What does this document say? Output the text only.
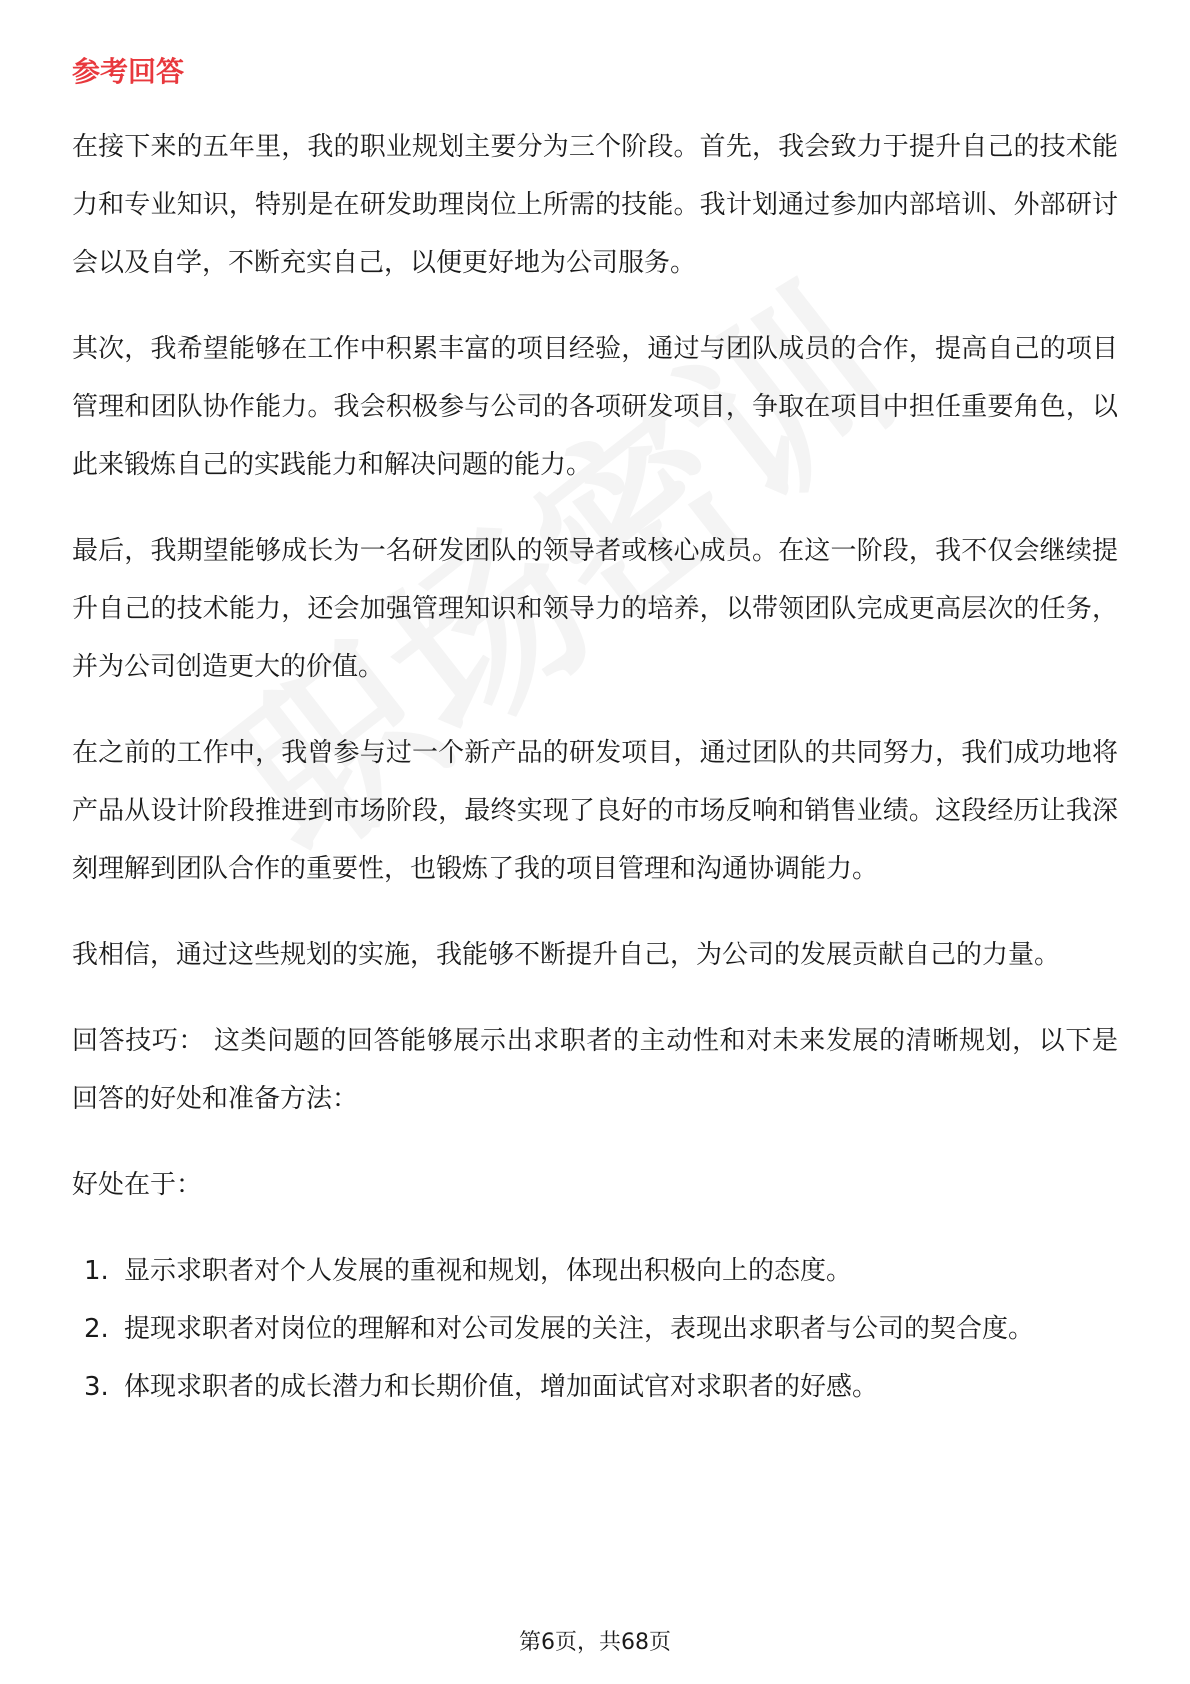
参考回答

在接下来的五年里，我的职业规划主要分为三个阶段。首先，我会致力于提升自己的技术能力和专业知识，特别是在研发助理岗位上所需的技能。我计划通过参加内部培训、外部研讨会以及自学，不断充实自己，以便更好地为公司服务。

其次，我希望能够在工作中积累丰富的项目经验，通过与团队成员的合作，提高自己的项目管理和团队协作能力。我会积极参与公司的各项研发项目，争取在项目中担任重要角色，以此来锻炼自己的实践能力和解决问题的能力。

最后，我期望能够成长为一名研发团队的领导者或核心成员。在这一阶段，我不仅会继续提升自己的技术能力，还会加强管理知识和领导力的培养，以带领团队完成更高层次的任务，并为公司创造更大的价值。

在之前的工作中，我曾参与过一个新产品的研发项目，通过团队的共同努力，我们成功地将产品从设计阶段推进到市场阶段，最终实现了良好的市场反响和销售业绩。这段经历让我深刻理解到团队合作的重要性，也锻炼了我的项目管理和沟通协调能力。

我相信，通过这些规划的实施，我能够不断提升自己，为公司的发展贡献自己的力量。

回答技巧： 这类问题的回答能够展示出求职者的主动性和对未来发展的清晰规划，以下是回答的好处和准备方法：

好处在于：

1. 显示求职者对个人发展的重视和规划，体现出积极向上的态度。
2. 提现求职者对岗位的理解和对公司发展的关注，表现出求职者与公司的契合度。
3. 体现求职者的成长潜力和长期价值，增加面试官对求职者的好感。
第6页，共68页
